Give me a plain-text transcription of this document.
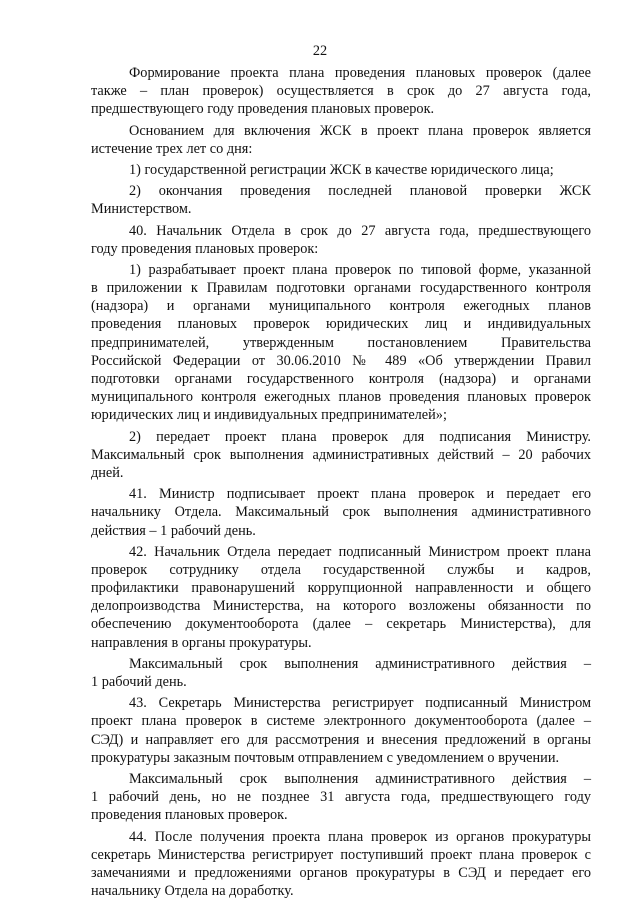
22
Формирование проекта плана проведения плановых проверок (далее
также – план проверок) осуществляется в срок до 27 августа года,
предшествующего году проведения плановых проверок.
Основанием для включения ЖСК в проект плана проверок является
истечение трех лет со дня:
1) государственной регистрации ЖСК в качестве юридического лица;
2) окончания проведения последней плановой проверки ЖСК
Министерством.
40. Начальник Отдела в срок до 27 августа года, предшествующего
году проведения плановых проверок:
1) разрабатывает проект плана проверок по типовой форме, указанной
в приложении к Правилам подготовки органами государственного контроля
(надзора) и органами муниципального контроля ежегодных планов
проведения плановых проверок юридических лиц и индивидуальных
предпринимателей, утвержденным постановлением Правительства
Российской Федерации от 30.06.2010 № 489 «Об утверждении Правил
подготовки органами государственного контроля (надзора) и органами
муниципального контроля ежегодных планов проведения плановых проверок
юридических лиц и индивидуальных предпринимателей»;
2) передает проект плана проверок для подписания Министру.
Максимальный срок выполнения административных действий – 20 рабочих
дней.
41. Министр подписывает проект плана проверок и передает его
начальнику Отдела. Максимальный срок выполнения административного
действия – 1 рабочий день.
42. Начальник Отдела передает подписанный Министром проект плана
проверок сотруднику отдела государственной службы и кадров,
профилактики правонарушений коррупционной направленности и общего
делопроизводства Министерства, на которого возложены обязанности по
обеспечению документооборота (далее – секретарь Министерства), для
направления в органы прокуратуры.
Максимальный срок выполнения административного действия –
1 рабочий день.
43. Секретарь Министерства регистрирует подписанный Министром
проект плана проверок в системе электронного документооборота (далее –
СЭД) и направляет его для рассмотрения и внесения предложений в органы
прокуратуры заказным почтовым отправлением с уведомлением о вручении.
Максимальный срок выполнения административного действия –
1 рабочий день, но не позднее 31 августа года, предшествующего году
проведения плановых проверок.
44. После получения проекта плана проверок из органов прокуратуры
секретарь Министерства регистрирует поступивший проект плана проверок с
замечаниями и предложениями органов прокуратуры в СЭД и передает его
начальнику Отдела на доработку.
